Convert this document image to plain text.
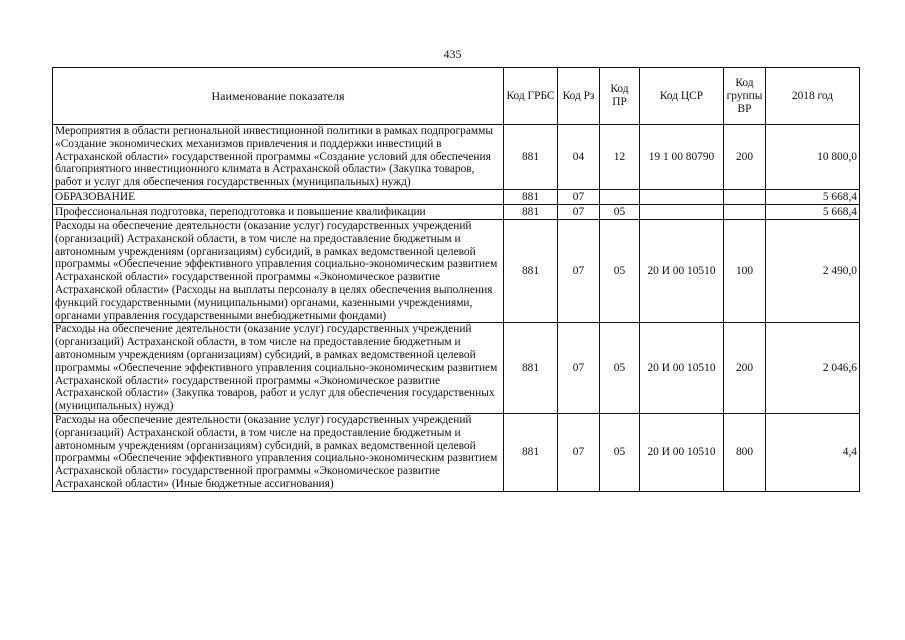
435
Наименование показателя	Код ГРБС	Код Рз	Код ПР	Код ЦСР	Код группы ВР	2018 год
Мероприятия в области региональной инвестиционной политики в рамках подпрограммы «Создание экономических механизмов привлечения и поддержки инвестиций в Астраханской области» государственной программы «Создание условий для обеспечения благоприятного инвестиционного климата в Астраханской области» (Закупка товаров, работ и услуг для обеспечения государственных (муниципальных) нужд)	881	04	12	19 1 00 80790	200	10 800,0
ОБРАЗОВАНИЕ	881	07				5 668,4
Профессиональная подготовка, переподготовка и повышение квалификации	881	07	05			5 668,4
Расходы на обеспечение деятельности (оказание услуг) государственных учреждений (организаций) Астраханской области, в том числе на предоставление бюджетным и автономным учреждениям (организациям) субсидий, в рамках ведомственной целевой программы «Обеспечение эффективного управления социально-экономическим развитием Астраханской области» государственной программы «Экономическое развитие Астраханской области» (Расходы на выплаты персоналу в целях обеспечения выполнения функций государственными (муниципальными) органами, казенными учреждениями, органами управления государственными внебюджетными фондами)	881	07	05	20 И 00 10510	100	2 490,0
Расходы на обеспечение деятельности (оказание услуг) государственных учреждений (организаций) Астраханской области, в том числе на предоставление бюджетным и автономным учреждениям (организациям) субсидий, в рамках ведомственной целевой программы «Обеспечение эффективного управления социально-экономическим развитием Астраханской области» государственной программы «Экономическое развитие Астраханской области» (Закупка товаров, работ и услуг для обеспечения государственных (муниципальных) нужд)	881	07	05	20 И 00 10510	200	2 046,6
Расходы на обеспечение деятельности (оказание услуг) государственных учреждений (организаций) Астраханской области, в том числе на предоставление бюджетным и автономным учреждениям (организациям) субсидий, в рамках ведомственной целевой программы «Обеспечение эффективного управления социально-экономическим развитием Астраханской области» государственной программы «Экономическое развитие Астраханской области» (Иные бюджетные ассигнования)	881	07	05	20 И 00 10510	800	4,4
